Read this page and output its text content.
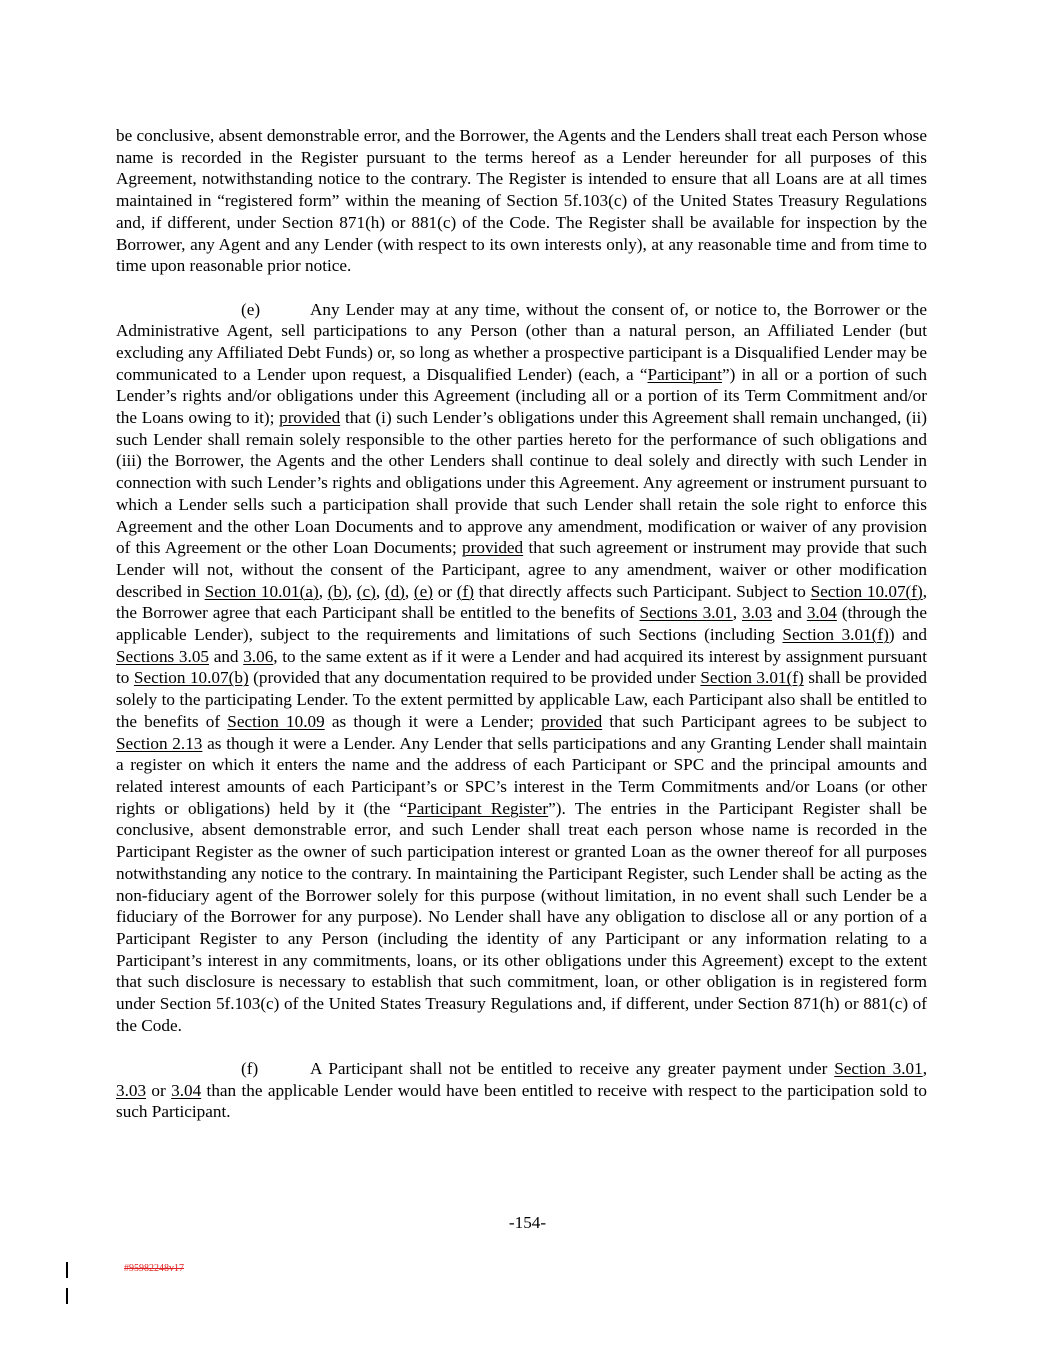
be conclusive, absent demonstrable error, and the Borrower, the Agents and the Lenders shall treat each Person whose name is recorded in the Register pursuant to the terms hereof as a Lender hereunder for all purposes of this Agreement, notwithstanding notice to the contrary. The Register is intended to ensure that all Loans are at all times maintained in “registered form” within the meaning of Section 5f.103(c) of the United States Treasury Regulations and, if different, under Section 871(h) or 881(c) of the Code. The Register shall be available for inspection by the Borrower, any Agent and any Lender (with respect to its own interests only), at any reasonable time and from time to time upon reasonable prior notice.

(e)	Any Lender may at any time, without the consent of, or notice to, the Borrower or the Administrative Agent, sell participations to any Person (other than a natural person, an Affiliated Lender (but excluding any Affiliated Debt Funds) or, so long as whether a prospective participant is a Disqualified Lender may be communicated to a Lender upon request, a Disqualified Lender) (each, a “Participant”) in all or a portion of such Lender’s rights and/or obligations under this Agreement (including all or a portion of its Term Commitment and/or the Loans owing to it); provided that (i) such Lender’s obligations under this Agreement shall remain unchanged, (ii) such Lender shall remain solely responsible to the other parties hereto for the performance of such obligations and (iii) the Borrower, the Agents and the other Lenders shall continue to deal solely and directly with such Lender in connection with such Lender’s rights and obligations under this Agreement. Any agreement or instrument pursuant to which a Lender sells such a participation shall provide that such Lender shall retain the sole right to enforce this Agreement and the other Loan Documents and to approve any amendment, modification or waiver of any provision of this Agreement or the other Loan Documents; provided that such agreement or instrument may provide that such Lender will not, without the consent of the Participant, agree to any amendment, waiver or other modification described in Section 10.01(a), (b), (c), (d), (e) or (f) that directly affects such Participant. Subject to Section 10.07(f), the Borrower agree that each Participant shall be entitled to the benefits of Sections 3.01, 3.03 and 3.04 (through the applicable Lender), subject to the requirements and limitations of such Sections (including Section 3.01(f)) and Sections 3.05 and 3.06, to the same extent as if it were a Lender and had acquired its interest by assignment pursuant to Section 10.07(b) (provided that any documentation required to be provided under Section 3.01(f) shall be provided solely to the participating Lender. To the extent permitted by applicable Law, each Participant also shall be entitled to the benefits of Section 10.09 as though it were a Lender; provided that such Participant agrees to be subject to Section 2.13 as though it were a Lender. Any Lender that sells participations and any Granting Lender shall maintain a register on which it enters the name and the address of each Participant or SPC and the principal amounts and related interest amounts of each Participant’s or SPC’s interest in the Term Commitments and/or Loans (or other rights or obligations) held by it (the “Participant Register”). The entries in the Participant Register shall be conclusive, absent demonstrable error, and such Lender shall treat each person whose name is recorded in the Participant Register as the owner of such participation interest or granted Loan as the owner thereof for all purposes notwithstanding any notice to the contrary. In maintaining the Participant Register, such Lender shall be acting as the non-fiduciary agent of the Borrower solely for this purpose (without limitation, in no event shall such Lender be a fiduciary of the Borrower for any purpose). No Lender shall have any obligation to disclose all or any portion of a Participant Register to any Person (including the identity of any Participant or any information relating to a Participant’s interest in any commitments, loans, or its other obligations under this Agreement) except to the extent that such disclosure is necessary to establish that such commitment, loan, or other obligation is in registered form under Section 5f.103(c) of the United States Treasury Regulations and, if different, under Section 871(h) or 881(c) of the Code.

(f)	A Participant shall not be entitled to receive any greater payment under Section 3.01, 3.03 or 3.04 than the applicable Lender would have been entitled to receive with respect to the participation sold to such Participant.

-154-
#95982248v17
